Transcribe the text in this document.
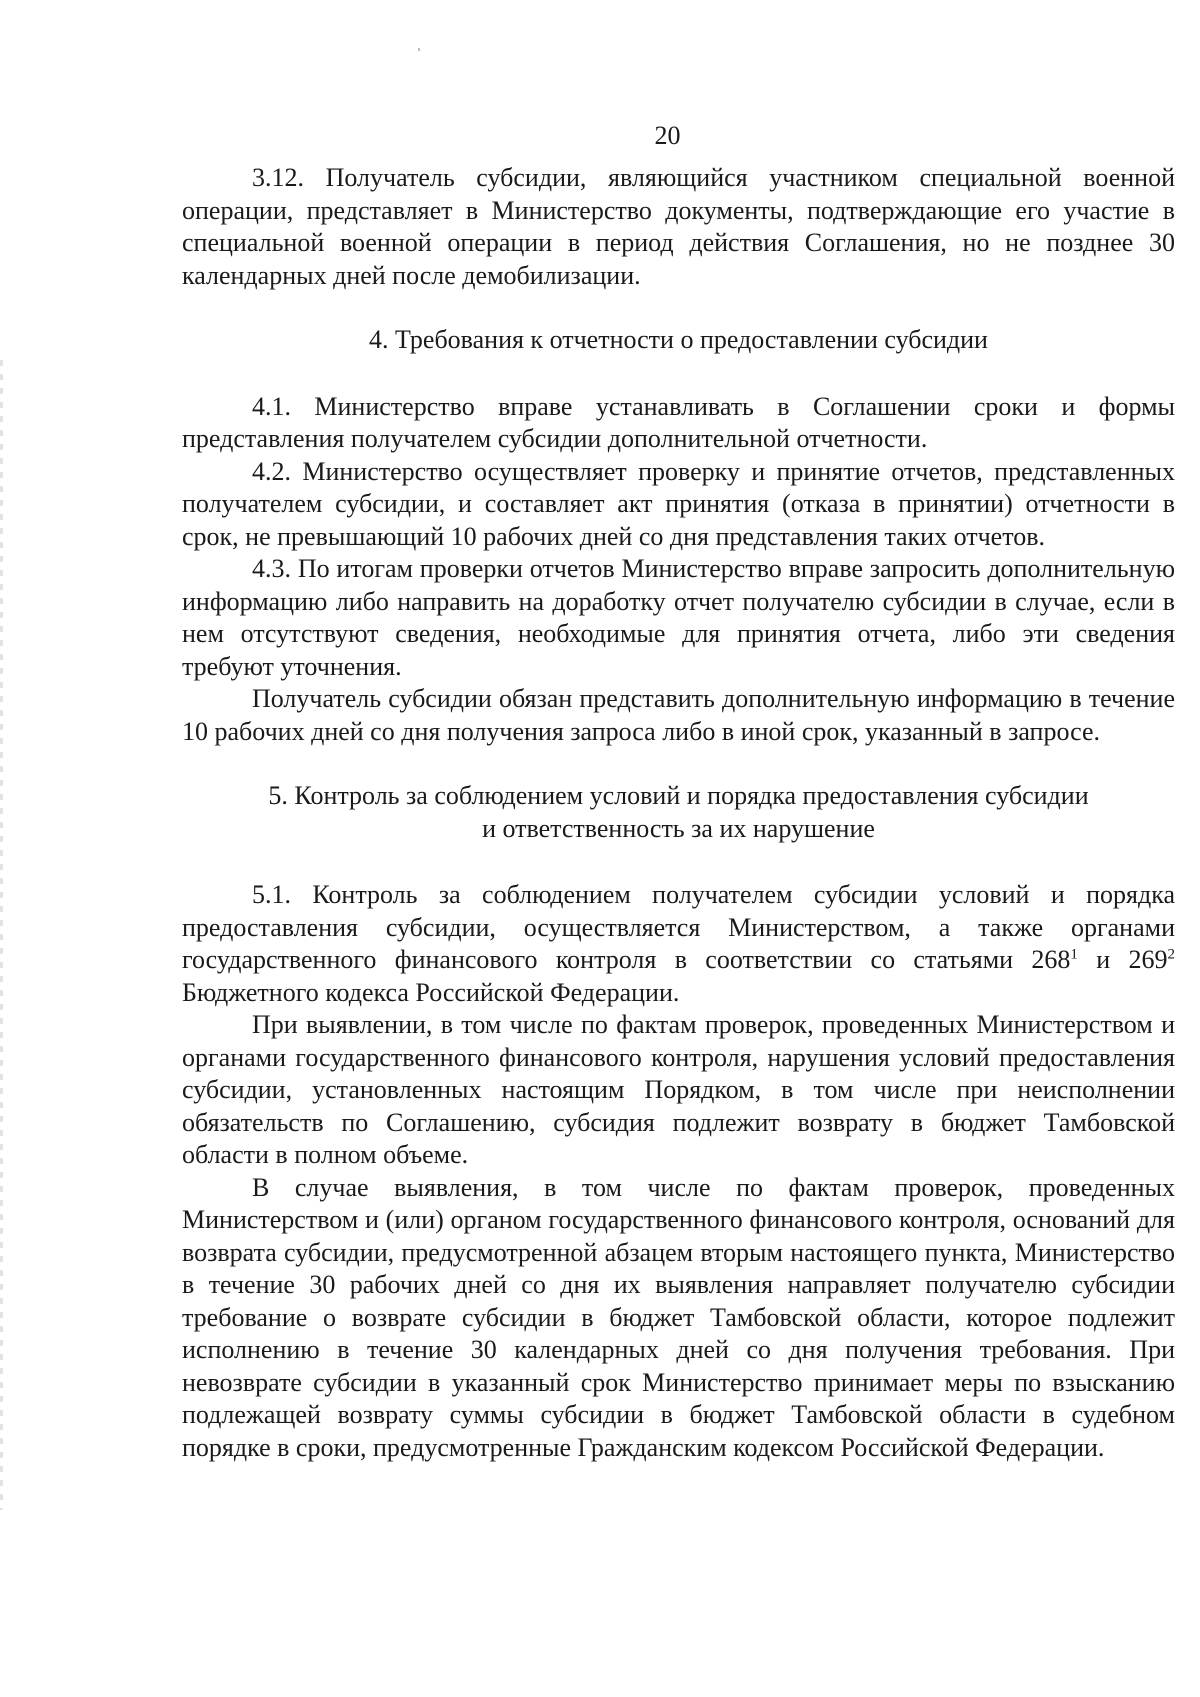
20

3.12. Получатель субсидии, являющийся участником специальной военной операции, представляет в Министерство документы, подтверждающие его участие в специальной военной операции в период действия Соглашения, но не позднее 30 календарных дней после демобилизации.

4. Требования к отчетности о предоставлении субсидии

4.1. Министерство вправе устанавливать в Соглашении сроки и формы представления получателем субсидии дополнительной отчетности.

4.2. Министерство осуществляет проверку и принятие отчетов, представленных получателем субсидии, и составляет акт принятия (отказа в принятии) отчетности в срок, не превышающий 10 рабочих дней со дня представления таких отчетов.

4.3. По итогам проверки отчетов Министерство вправе запросить дополнительную информацию либо направить на доработку отчет получателю субсидии в случае, если в нем отсутствуют сведения, необходимые для принятия отчета, либо эти сведения требуют уточнения.

Получатель субсидии обязан представить дополнительную информацию в течение 10 рабочих дней со дня получения запроса либо в иной срок, указанный в запросе.

5. Контроль за соблюдением условий и порядка предоставления субсидии
и ответственность за их нарушение

5.1. Контроль за соблюдением получателем субсидии условий и порядка предоставления субсидии, осуществляется Министерством, а также органами государственного финансового контроля в соответствии со статьями $268^1$ и $269^2$ Бюджетного кодекса Российской Федерации.

При выявлении, в том числе по фактам проверок, проведенных Министерством и органами государственного финансового контроля, нарушения условий предоставления субсидии, установленных настоящим Порядком, в том числе при неисполнении обязательств по Соглашению, субсидия подлежит возврату в бюджет Тамбовской области в полном объеме.

В случае выявления, в том числе по фактам проверок, проведенных Министерством и (или) органом государственного финансового контроля, оснований для возврата субсидии, предусмотренной абзацем вторым настоящего пункта, Министерство в течение 30 рабочих дней со дня их выявления направляет получателю субсидии требование о возврате субсидии в бюджет Тамбовской области, которое подлежит исполнению в течение 30 календарных дней со дня получения требования. При невозврате субсидии в указанный срок Министерство принимает меры по взысканию подлежащей возврату суммы субсидии в бюджет Тамбовской области в судебном порядке в сроки, предусмотренные Гражданским кодексом Российской Федерации.
